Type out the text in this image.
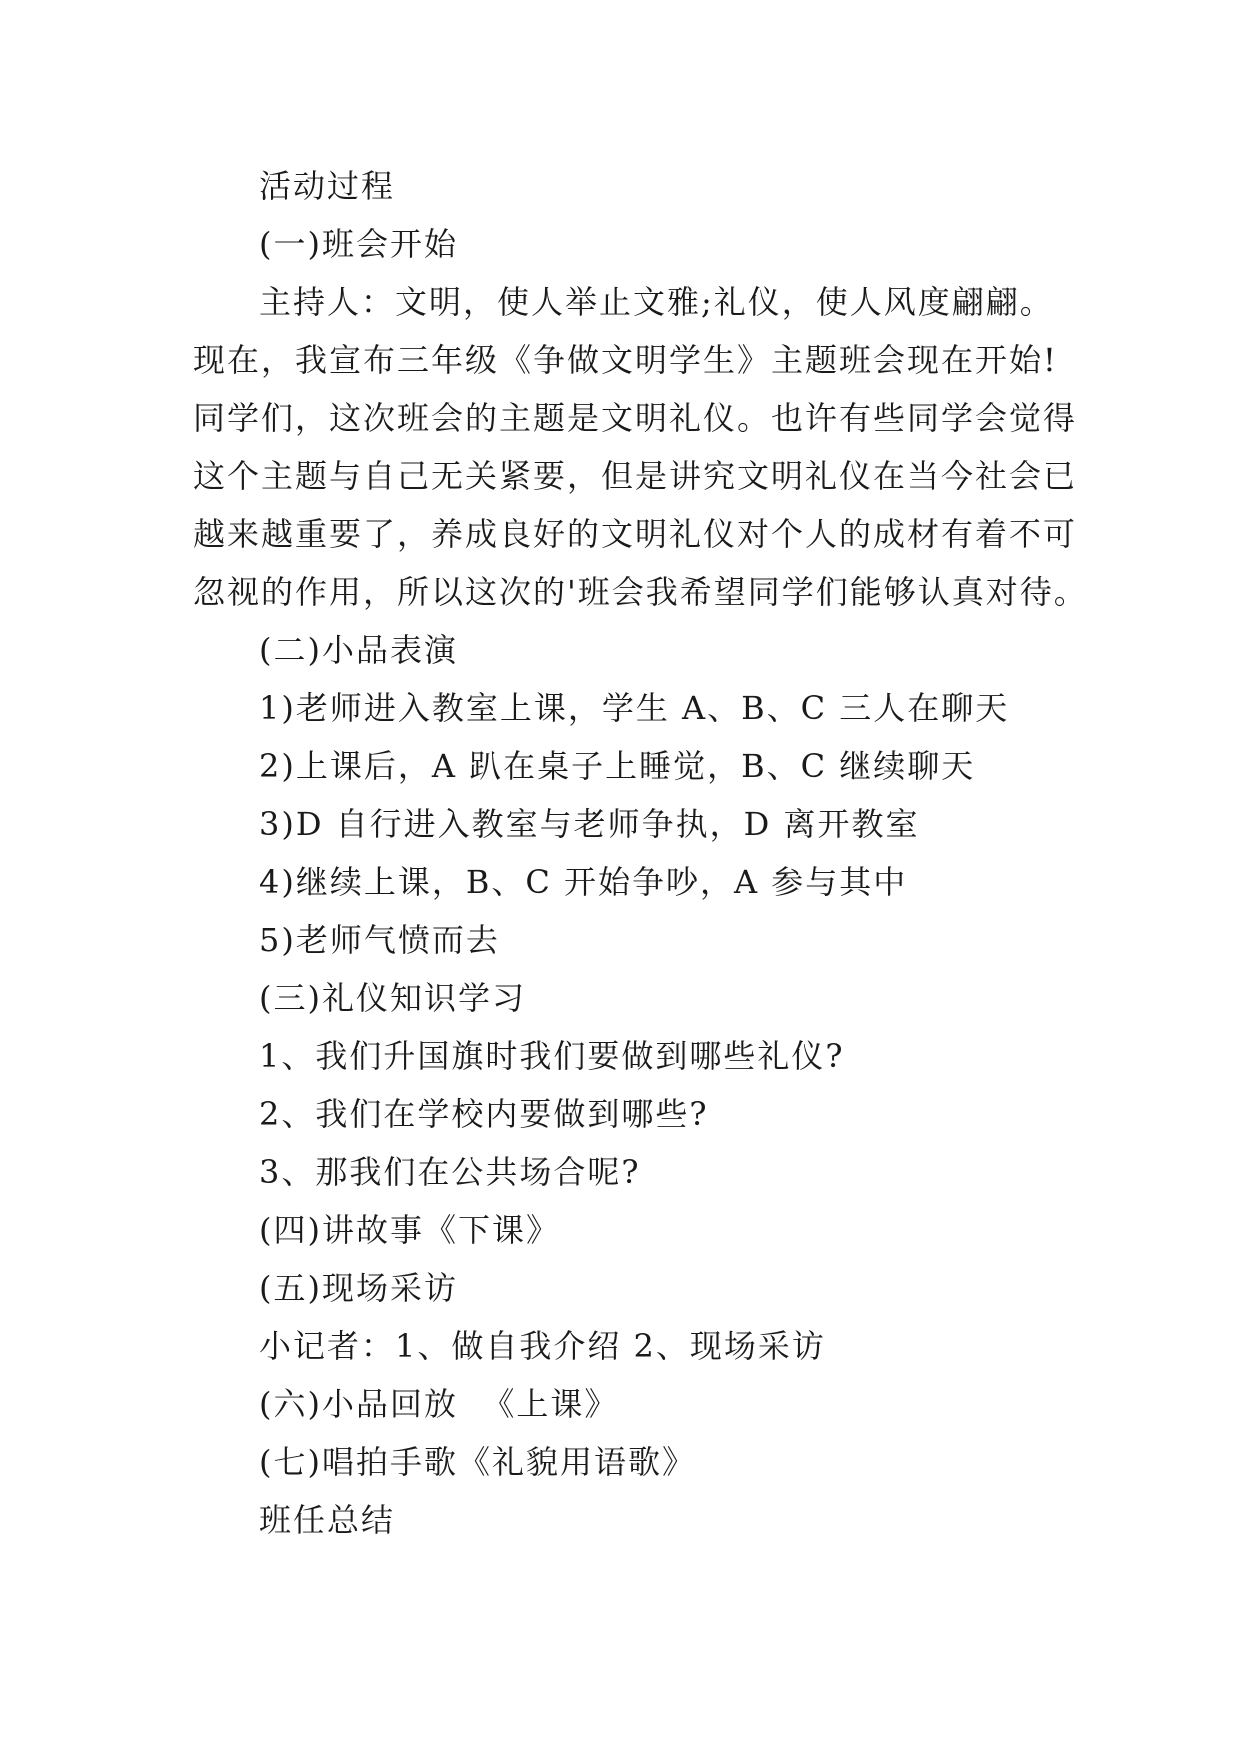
活动过程

(一)班会开始

主持人：文明，使人举止文雅;礼仪，使人风度翩翩。

现在，我宣布三年级《争做文明学生》主题班会现在开始!

同学们，这次班会的主题是文明礼仪。也许有些同学会觉得

这个主题与自己无关紧要，但是讲究文明礼仪在当今社会已

越来越重要了，养成良好的文明礼仪对个人的成材有着不可

忽视的作用，所以这次的'班会我希望同学们能够认真对待。

(二)小品表演

1)老师进入教室上课，学生 A、B、C 三人在聊天

2)上课后，A 趴在桌子上睡觉，B、C 继续聊天

3)D 自行进入教室与老师争执，D 离开教室

4)继续上课，B、C 开始争吵，A 参与其中

5)老师气愤而去

(三)礼仪知识学习

1、我们升国旗时我们要做到哪些礼仪?

2、我们在学校内要做到哪些?

3、那我们在公共场合呢?

(四)讲故事《下课》

(五)现场采访

小记者：1、做自我介绍 2、现场采访

(六)小品回放  《上课》

(七)唱拍手歌《礼貌用语歌》

班任总结
